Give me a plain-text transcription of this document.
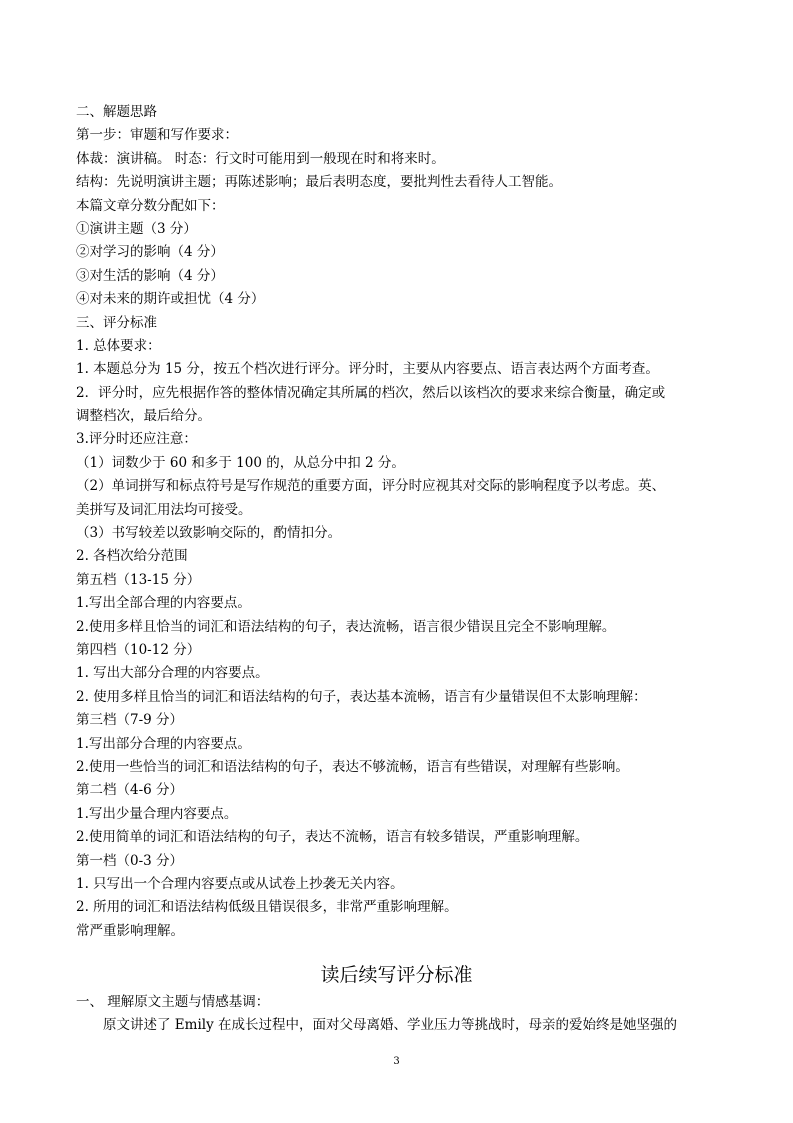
二、解题思路
第一步：审题和写作要求：
体裁：演讲稿。 时态：行文时可能用到一般现在时和将来时。
结构：先说明演讲主题；再陈述影响；最后表明态度，要批判性去看待人工智能。
本篇文章分数分配如下：
①演讲主题（3 分）
②对学习的影响（4 分）
③对生活的影响（4 分）
④对未来的期许或担忧（4 分）
三、评分标准
1. 总体要求：
1. 本题总分为 15 分，按五个档次进行评分。评分时，主要从内容要点、语言表达两个方面考查。
2．评分时，应先根据作答的整体情况确定其所属的档次，然后以该档次的要求来综合衡量，确定或
调整档次，最后给分。
3.评分时还应注意：
（1）词数少于 60 和多于 100 的，从总分中扣 2 分。
（2）单词拼写和标点符号是写作规范的重要方面，评分时应视其对交际的影响程度予以考虑。英、
美拼写及词汇用法均可接受。
（3）书写较差以致影响交际的，酌情扣分。
2. 各档次给分范围
第五档（13-15 分）
1.写出全部合理的内容要点。
2.使用多样且恰当的词汇和语法结构的句子，表达流畅，语言很少错误且完全不影响理解。
第四档（10-12 分）
1. 写出大部分合理的内容要点。
2. 使用多样且恰当的词汇和语法结构的句子，表达基本流畅，语言有少量错误但不太影响理解：
第三档（7-9 分）
1.写出部分合理的内容要点。
2.使用一些恰当的词汇和语法结构的句子，表达不够流畅，语言有些错误，对理解有些影响。
第二档（4-6 分）
1.写出少量合理内容要点。
2.使用简单的词汇和语法结构的句子，表达不流畅，语言有较多错误，严重影响理解。
第一档（0-3 分）
1. 只写出一个合理内容要点或从试卷上抄袭无关内容。
2. 所用的词汇和语法结构低级且错误很多，非常严重影响理解。
常严重影响理解。
读后续写评分标准
一、 理解原文主题与情感基调：
原文讲述了 Emily 在成长过程中，面对父母离婚、学业压力等挑战时，母亲的爱始终是她坚强的
3
